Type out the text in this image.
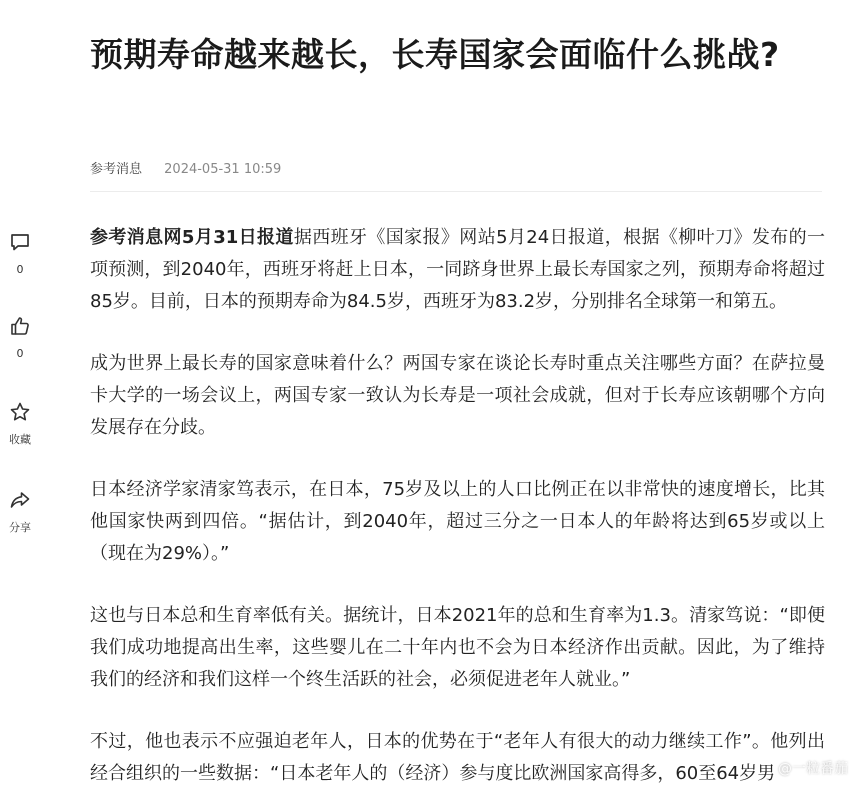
0
0
收藏
分享
预期寿命越来越长，长寿国家会面临什么挑战?
参考消息 2024-05-31 10:59

参考消息网5月31日报道据西班牙《国家报》网站5月24日报道，根据《柳叶刀》发布的一项预测，到2040年，西班牙将赶上日本，一同跻身世界上最长寿国家之列，预期寿命将超过85岁。目前，日本的预期寿命为84.5岁，西班牙为83.2岁，分别排名全球第一和第五。

成为世界上最长寿的国家意味着什么？两国专家在谈论长寿时重点关注哪些方面？在萨拉曼卡大学的一场会议上，两国专家一致认为长寿是一项社会成就，但对于长寿应该朝哪个方向发展存在分歧。

日本经济学家清家笃表示，在日本，75岁及以上的人口比例正在以非常快的速度增长，比其他国家快两到四倍。“据估计，到2040年，超过三分之一日本人的年龄将达到65岁或以上（现在为29%）。”

这也与日本总和生育率低有关。据统计，日本2021年的总和生育率为1.3。清家笃说：“即便我们成功地提高出生率，这些婴儿在二十年内也不会为日本经济作出贡献。因此，为了维持我们的经济和我们这样一个终生活跃的社会，必须促进老年人就业。”

不过，他也表示不应强迫老年人，日本的优势在于“老年人有很大的动力继续工作”。他列出经合组织的一些数据：“日本老年人的（经济）参与度比欧洲国家高得多，60至64岁男 @一粒番茄
